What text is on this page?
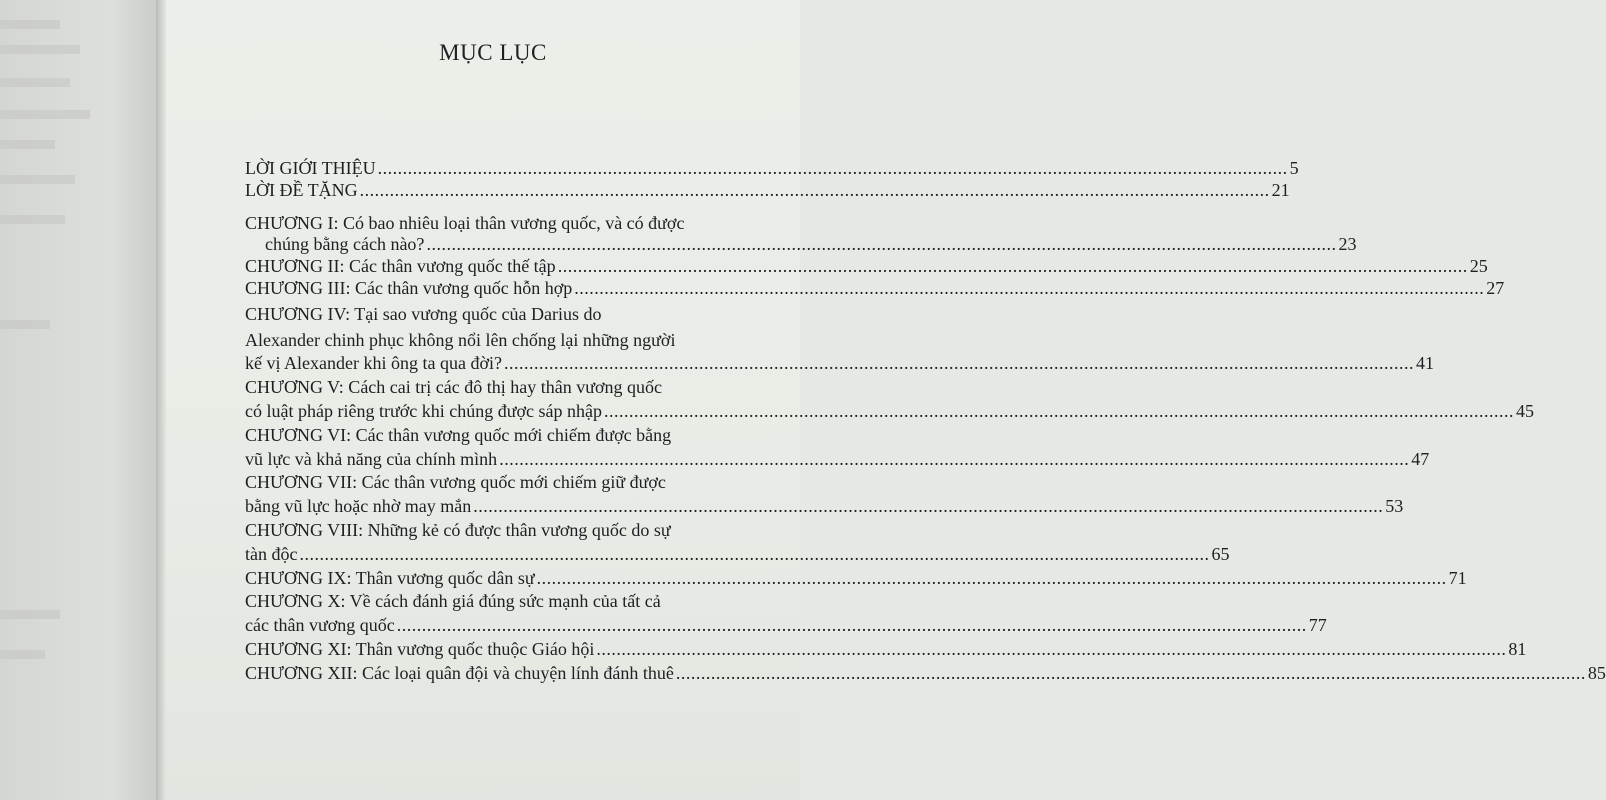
MỤC LỤC
LỜI GIỚI THIỆU .....	5
LỜI ĐỀ TẶNG .....	21
CHƯƠNG I: Có bao nhiêu loại thân vương quốc, và có được
chúng bằng cách nào? .....	23
CHƯƠNG II: Các thân vương quốc thế tập .....	25
CHƯƠNG III: Các thân vương quốc hỗn hợp .....	27
CHƯƠNG IV: Tại sao vương quốc của Darius do
Alexander chinh phục không nổi lên chống lại những người
kế vị Alexander khi ông ta qua đời? .....	41
CHƯƠNG V: Cách cai trị các đô thị hay thân vương quốc
có luật pháp riêng trước khi chúng được sáp nhập .....	45
CHƯƠNG VI: Các thân vương quốc mới chiếm được bằng
vũ lực và khả năng của chính mình .....	47
CHƯƠNG VII: Các thân vương quốc mới chiếm giữ được
bằng vũ lực hoặc nhờ may mắn .....	53
CHƯƠNG VIII: Những kẻ có được thân vương quốc do sự
tàn độc .....	65
CHƯƠNG IX: Thân vương quốc dân sự .....	71
CHƯƠNG X: Về cách đánh giá đúng sức mạnh của tất cả
các thân vương quốc .....	77
CHƯƠNG XI: Thân vương quốc thuộc Giáo hội .....	81
CHƯƠNG XII: Các loại quân đội và chuyện lính đánh thuê .....	85
